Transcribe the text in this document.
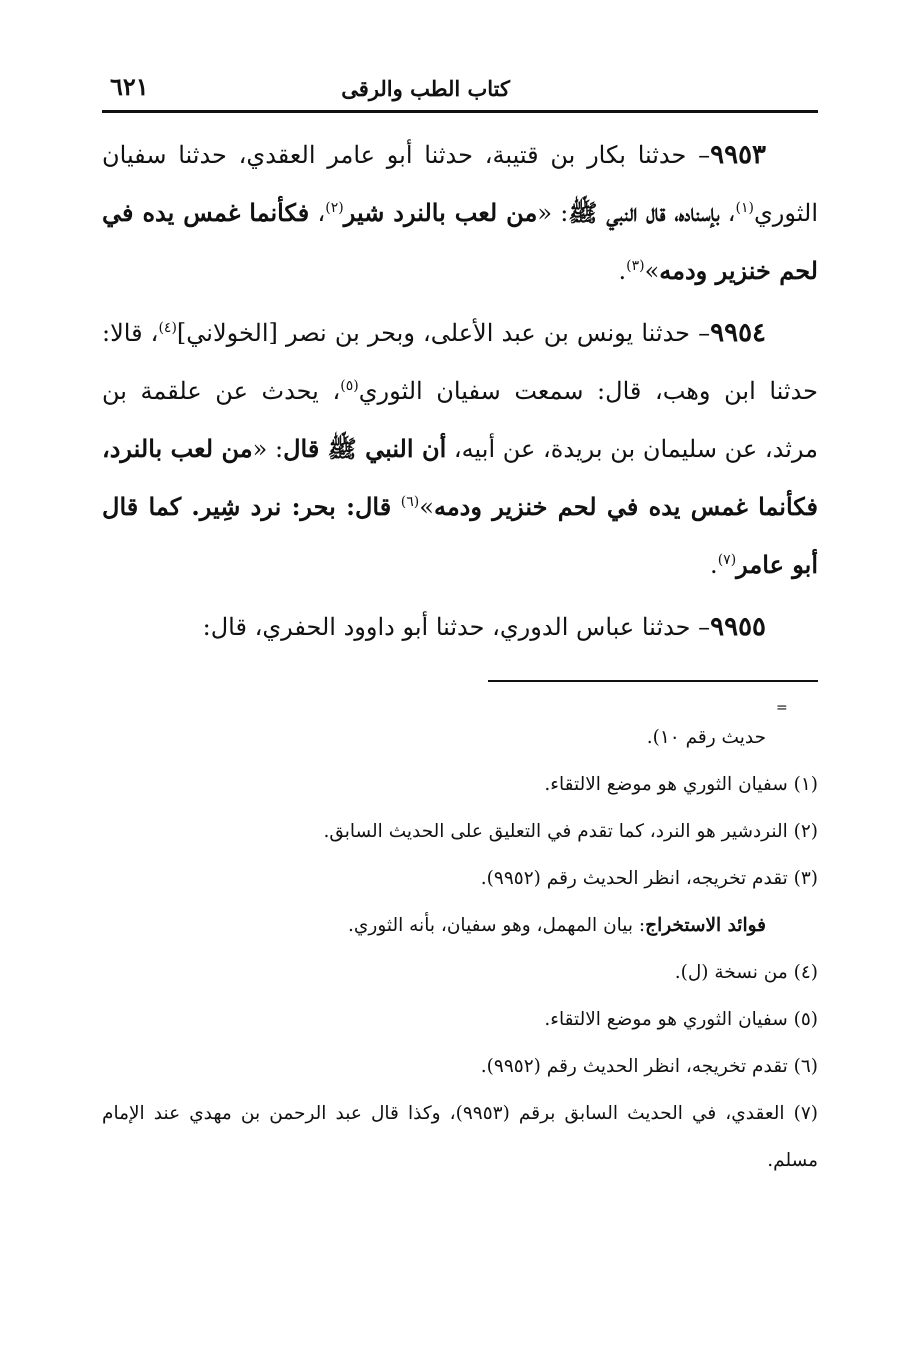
كتاب الطب والرقى
٦٢١

٩٩٥٣– حدثنا بكار بن قتيبة، حدثنا أبو عامر العقدي، حدثنا سفيان الثوري$^{(١)}$، بإسناده، قال النبي ﷺ: «من لعب بالنرد شير$^{(٢)}$، فكأنما غمس يده في لحم خنزير ودمه»$^{(٣)}$.

٩٩٥٤– حدثنا يونس بن عبد الأعلى، وبحر بن نصر [الخولاني]$^{(٤)}$، قالا: حدثنا ابن وهب، قال: سمعت سفيان الثوري$^{(٥)}$، يحدث عن علقمة بن مرثد، عن سليمان بن بريدة، عن أبيه، أن النبي ﷺ قال: «من لعب بالنرد، فكأنما غمس يده في لحم خنزير ودمه»$^{(٦)}$ قال: بحر: نرد شِير. كما قال أبو عامر$^{(٧)}$.

٩٩٥٥– حدثنا عباس الدوري، حدثنا أبو داوود الحفري، قال:

=
حديث رقم ١٠).
(١) سفيان الثوري هو موضع الالتقاء.
(٢) النردشير هو النرد، كما تقدم في التعليق على الحديث السابق.
(٣) تقدم تخريجه، انظر الحديث رقم (٩٩٥٢).
فوائد الاستخراج: بيان المهمل، وهو سفيان، بأنه الثوري.
(٤) من نسخة (ل).
(٥) سفيان الثوري هو موضع الالتقاء.
(٦) تقدم تخريجه، انظر الحديث رقم (٩٩٥٢).
(٧) العقدي، في الحديث السابق برقم (٩٩٥٣)، وكذا قال عبد الرحمن بن مهدي عند الإمام مسلم.
